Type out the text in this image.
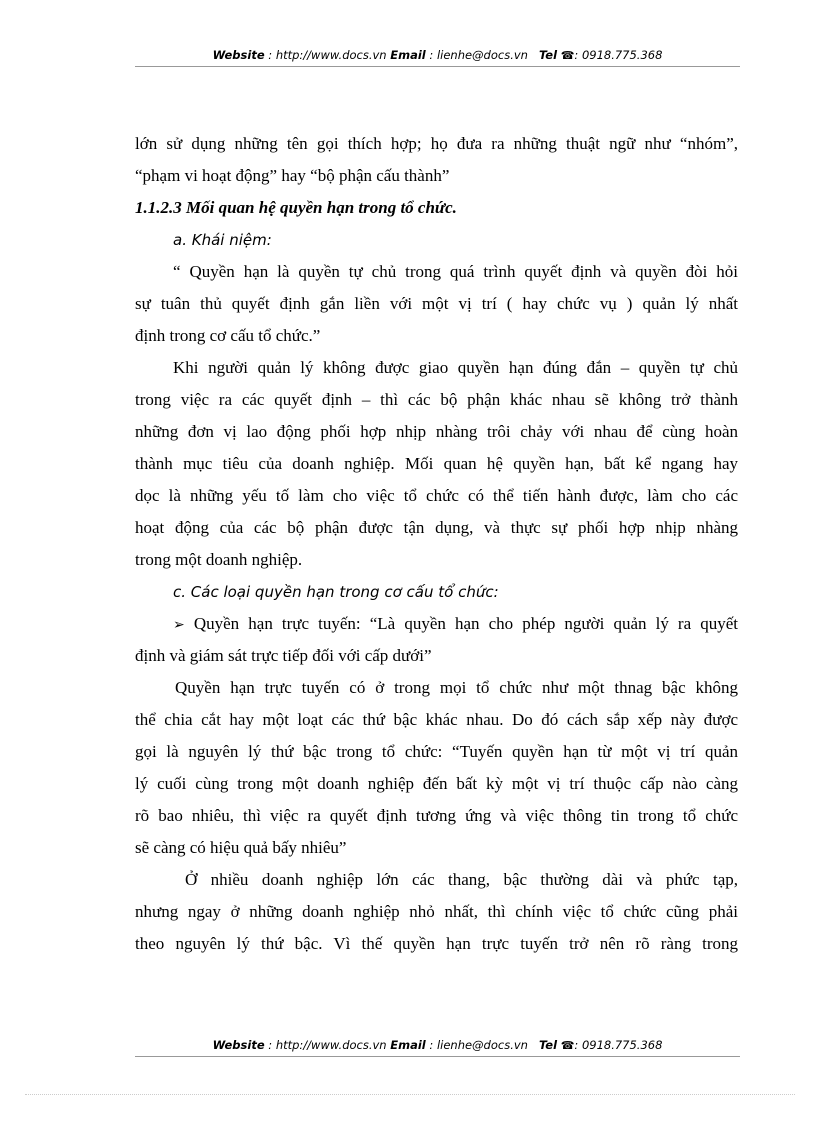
Website : http://www.docs.vn Email : lienhe@docs.vn Tel ☎: 0918.775.368
lớn sử dụng những tên gọi thích hợp; họ đưa ra những thuật ngữ như “nhóm”,
“phạm vi hoạt động” hay “bộ phận cấu thành”
1.1.2.3 Mối quan hệ quyền hạn trong tổ chức.
a. Khái niệm:
“ Quyền hạn là quyền tự chủ trong quá trình quyết định và quyền đòi hỏi
sự tuân thủ quyết định gắn liền với một vị trí ( hay chức vụ ) quản lý nhất
định trong cơ cấu tổ chức.”
Khi người quản lý không được giao quyền hạn đúng đắn – quyền tự chủ
trong việc ra các quyết định – thì các bộ phận khác nhau sẽ không trở thành
những đơn vị lao động phối hợp nhịp nhàng trôi chảy với nhau để cùng hoàn
thành mục tiêu của doanh nghiệp. Mối quan hệ quyền hạn, bất kể ngang hay
dọc là những yếu tố làm cho việc tổ chức có thể tiến hành được, làm cho các
hoạt động của các bộ phận được tận dụng, và thực sự phối hợp nhịp nhàng
trong một doanh nghiệp.
c. Các loại quyền hạn trong cơ cấu tổ chức:
➢ Quyền hạn trực tuyến: “Là quyền hạn cho phép người quản lý ra quyết
định và giám sát trực tiếp đối với cấp dưới”
Quyền hạn trực tuyến có ở trong mọi tổ chức như một thnag bậc không
thể chia cắt hay một loạt các thứ bậc khác nhau. Do đó cách sắp xếp này được
gọi là nguyên lý thứ bậc trong tổ chức: “Tuyến quyền hạn từ một vị trí quản
lý cuối cùng trong một doanh nghiệp đến bất kỳ một vị trí thuộc cấp nào càng
rõ bao nhiêu, thì việc ra quyết định tương ứng và việc thông tin trong tổ chức
sẽ càng có hiệu quả bấy nhiêu”
Ở nhiều doanh nghiệp lớn các thang, bậc thường dài và phức tạp,
nhưng ngay ở những doanh nghiệp nhỏ nhất, thì chính việc tổ chức cũng phải
theo nguyên lý thứ bậc. Vì thế quyền hạn trực tuyến trở nên rõ ràng trong
Website : http://www.docs.vn Email : lienhe@docs.vn Tel ☎: 0918.775.368
